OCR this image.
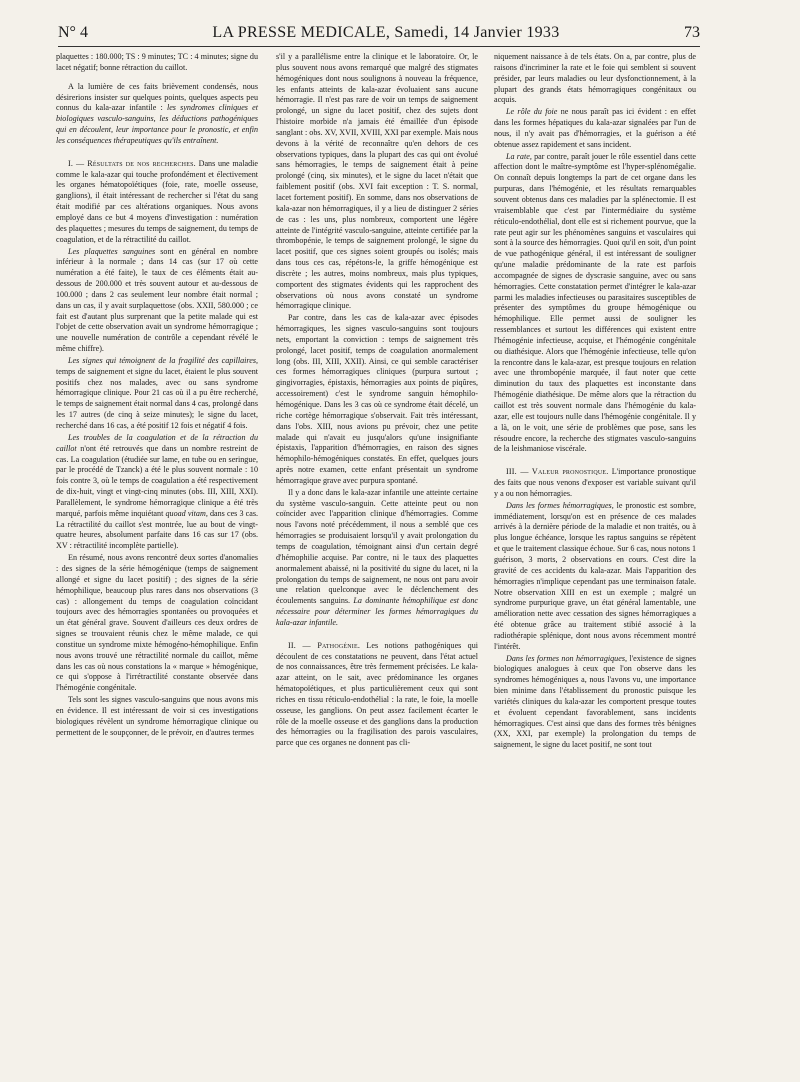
N° 4	LA PRESSE MEDICALE, Samedi, 14 Janvier 1933	73

plaquettes : 180.000; TS : 9 minutes; TC : 4 minutes; signe du lacet négatif; bonne rétraction du caillot.

A la lumière de ces faits brièvement condensés, nous désirerions insister sur quelques points, quelques aspects peu connus du kala-azar infantile : les syndromes cliniques et biologiques vasculo-sanguins, les déductions pathogéniques qui en découlent, leur importance pour le pronostic, et enfin les conséquences thérapeutiques qu'ils entraînent.

I. — Résultats de nos recherches. Dans une maladie comme le kala-azar qui touche profondément et électivement les organes hématopoïétiques (foie, rate, moelle osseuse, ganglions), il était intéressant de rechercher si l'état du sang était modifié par ces altérations organiques. Nous avons employé dans ce but 4 moyens d'investigation : numération des plaquettes ; mesures du temps de saignement, du temps de coagulation, et de la rétractilité du caillot.

Les plaquettes sanguines sont en général en nombre inférieur à la normale ; dans 14 cas (sur 17 où cette numération a été faite), le taux de ces éléments était au-dessous de 200.000 et très souvent autour et au-dessous de 100.000 ; dans 2 cas seulement leur nombre était normal ; dans un cas, il y avait surplaquettose (obs. XXII, 580.000 ; ce fait est d'autant plus surprenant que la petite malade qui est l'objet de cette observation avait un syndrome hémorragique ; une nouvelle numération de contrôle a cependant révélé le même chiffre).

Les signes qui témoignent de la fragilité des capillaires, temps de saignement et signe du lacet, étaient le plus souvent positifs chez nos malades, avec ou sans syndrome hémorragique clinique. Pour 21 cas où il a pu être recherché, le temps de saignement était normal dans 4 cas, prolongé dans les 17 autres (de cinq à seize minutes); le signe du lacet, recherché dans 16 cas, a été positif 12 fois et négatif 4 fois.

Les troubles de la coagulation et de la rétraction du caillot n'ont été retrouvés que dans un nombre restreint de cas. La coagulation (étudiée sur lame, en tube ou en seringue, par le procédé de Tzanck) a été le plus souvent normale : 10 fois contre 3, où le temps de coagulation a été respectivement de dix-huit, vingt et vingt-cinq minutes (obs. III, XIII, XXI). Parallèlement, le syndrome hémorragique clinique a été très marqué, parfois même inquiétant quoad vitam, dans ces 3 cas. La rétractilité du caillot s'est montrée, lue au bout de vingt-quatre heures, absolument parfaite dans 16 cas sur 17 (obs. XV : rétractilité incomplète partielle).

En résumé, nous avons rencontré deux sortes d'anomalies : des signes de la série hémogénique (temps de saignement allongé et signe du lacet positif) ; des signes de la série hémophilique, beaucoup plus rares dans nos observations (3 cas) : allongement du temps de coagulation coïncidant toujours avec des hémorragies spontanées ou provoquées et un état général grave. Souvent d'ailleurs ces deux ordres de signes se trouvaient réunis chez le même malade, ce qui constitue un syndrome mixte hémogéno-hémophilique. Enfin nous avons trouvé une rétractilité normale du caillot, même dans les cas où nous constations la « marque » hémogénique, ce qui s'oppose à l'irrétractilité constante observée dans l'hémogénie congénitale.

Tels sont les signes vasculo-sanguins que nous avons mis en évidence. Il est intéressant de voir si ces investigations biologiques révèlent un syndrome hémorragique clinique ou permettent de le soupçonner, de le prévoir, en d'autres termes

s'il y a parallélisme entre la clinique et le laboratoire. Or, le plus souvent nous avons remarqué que malgré des stigmates hémogéniques dont nous soulignons à nouveau la fréquence, les enfants atteints de kala-azar évoluaient sans aucune hémorragie. Il n'est pas rare de voir un temps de saignement prolongé, un signe du lacet positif, chez des sujets dont l'histoire morbide n'a jamais été émaillée d'un épisode sanglant : obs. XV, XVII, XVIII, XXI par exemple. Mais nous devons à la vérité de reconnaître qu'en dehors de ces observations typiques, dans la plupart des cas qui ont évolué sans hémorragies, le temps de saignement était à peine prolongé (cinq, six minutes), et le signe du lacet n'était que faiblement positif (obs. XVI fait exception : T. S. normal, lacet fortement positif). En somme, dans nos observations de kala-azar non hémorragiques, il y a lieu de distinguer 2 séries de cas : les uns, plus nombreux, comportent une légère atteinte de l'intégrité vasculo-sanguine, atteinte certifiée par la thrombopénie, le temps de saignement prolongé, le signe du lacet positif, que ces signes soient groupés ou isolés; mais dans tous ces cas, répétons-le, la griffe hémogénique est discrète ; les autres, moins nombreux, mais plus typiques, comportent des stigmates évidents qui les rapprochent des observations où nous avons constaté un syndrome hémorragique clinique.

Par contre, dans les cas de kala-azar avec épisodes hémorragiques, les signes vasculo-sanguins sont toujours nets, emportant la conviction : temps de saignement très prolongé, lacet positif, temps de coagulation anormalement long (obs. III, XIII, XXII). Ainsi, ce qui semble caractériser ces formes hémorragiques cliniques (purpura surtout ; gingivorragies, épistaxis, hémorragies aux points de piqûres, accessoirement) c'est le syndrome sanguin hémophilo-hémogénique. Dans les 3 cas où ce syndrome était décelé, un riche cortège hémorragique s'observait. Fait très intéressant, dans l'obs. XIII, nous avions pu prévoir, chez une petite malade qui n'avait eu jusqu'alors qu'une insignifiante épistaxis, l'apparition d'hémorragies, en raison des signes hémophilo-hémogéniques constatés. En effet, quelques jours après notre examen, cette enfant présentait un syndrome hémorragique grave avec purpura spontané.

Il y a donc dans le kala-azar infantile une atteinte certaine du système vasculo-sanguin. Cette atteinte peut ou non coïncider avec l'apparition clinique d'hémorragies. Comme nous l'avons noté précédemment, il nous a semblé que ces hémorragies se produisaient lorsqu'il y avait prolongation du temps de coagulation, témoignant ainsi d'un certain degré d'hémophilie acquise. Par contre, ni le taux des plaquettes anormalement abaissé, ni la positivité du signe du lacet, ni la prolongation du temps de saignement, ne nous ont paru avoir une relation quelconque avec le déclenchement des écoulements sanguins. La dominante hémophilique est donc nécessaire pour déterminer les formes hémorragiques du kala-azar infantile.

II. — Pathogénie. Les notions pathogéniques qui découlent de ces constatations ne peuvent, dans l'état actuel de nos connaissances, être très fermement précisées. Le kala-azar atteint, on le sait, avec prédominance les organes hématopoïétiques, et plus particulièrement ceux qui sont riches en tissu réticulo-endothélial : la rate, le foie, la moelle osseuse, les ganglions. On peut assez facilement écarter le rôle de la moelle osseuse et des ganglions dans la production des hémorragies ou la fragilisation des parois vasculaires, parce que ces organes ne donnent pas cli-

niquement naissance à de tels états. On a, par contre, plus de raisons d'incriminer la rate et le foie qui semblent si souvent présider, par leurs maladies ou leur dysfonctionnement, à la plupart des grands états hémorragiques congénitaux ou acquis.

Le rôle du foie ne nous paraît pas ici évident : en effet dans les formes hépatiques du kala-azar signalées par l'un de nous, il n'y avait pas d'hémorragies, et la guérison a été obtenue assez rapidement et sans incident.

La rate, par contre, paraît jouer le rôle essentiel dans cette affection dont le maître-symptôme est l'hyper-splénomégalie. On connaît depuis longtemps la part de cet organe dans les purpuras, dans l'hémogénie, et les résultats remarquables souvent obtenus dans ces maladies par la splénectomie. Il est vraisemblable que c'est par l'intermédiaire du système réticulo-endothélial, dont elle est si richement pourvue, que la rate peut agir sur les phénomènes sanguins et vasculaires qui sont à la source des hémorragies. Quoi qu'il en soit, d'un point de vue pathogénique général, il est intéressant de souligner qu'une maladie prédominante de la rate est parfois accompagnée de signes de dyscrasie sanguine, avec ou sans hémorragies. Cette constatation permet d'intégrer le kala-azar parmi les maladies infectieuses ou parasitaires susceptibles de présenter des symptômes du groupe hémogénique ou hémophilique. Elle permet aussi de souligner les ressemblances et surtout les différences qui existent entre l'hémogénie infectieuse, acquise, et l'hémogénie congénitale ou diathésique. Alors que l'hémogénie infectieuse, telle qu'on la rencontre dans le kala-azar, est presque toujours en relation avec une thrombopénie marquée, il faut noter que cette diminution du taux des plaquettes est inconstante dans l'hémogénie diathésique. De même alors que la rétraction du caillot est très souvent normale dans l'hémogénie du kala-azar, elle est toujours nulle dans l'hémogénie congénitale. Il y a là, on le voit, une série de problèmes que pose, sans les résoudre encore, la recherche des stigmates vasculo-sanguins de la leishmaniose viscérale.

III. — Valeur pronostique. L'importance pronostique des faits que nous venons d'exposer est variable suivant qu'il y a ou non hémorragies.

Dans les formes hémorragiques, le pronostic est sombre, immédiatement, lorsqu'on est en présence de ces malades arrivés à la dernière période de la maladie et non traités, ou à plus longue échéance, lorsque les raptus sanguins se répètent et que le traitement classique échoue. Sur 6 cas, nous notons 1 guérison, 3 morts, 2 observations en cours. C'est dire la gravité de ces accidents du kala-azar. Mais l'apparition des hémorragies n'implique cependant pas une terminaison fatale. Notre observation XIII en est un exemple ; malgré un syndrome purpurique grave, un état général lamentable, une amélioration nette avec cessation des signes hémorragiques a été obtenue grâce au traitement stibié associé à la radiothérapie splénique, dont nous avons récemment montré l'intérêt.

Dans les formes non hémorragiques, l'existence de signes biologiques analogues à ceux que l'on observe dans les syndromes hémogéniques a, nous l'avons vu, une importance bien minime dans l'établissement du pronostic puisque les variétés cliniques du kala-azar les comportent presque toutes et évoluent cependant favorablement, sans incidents hémorragiques. C'est ainsi que dans des formes très bénignes (XX, XXI, par exemple) la prolongation du temps de saignement, le signe du lacet positif, ne sont tout
